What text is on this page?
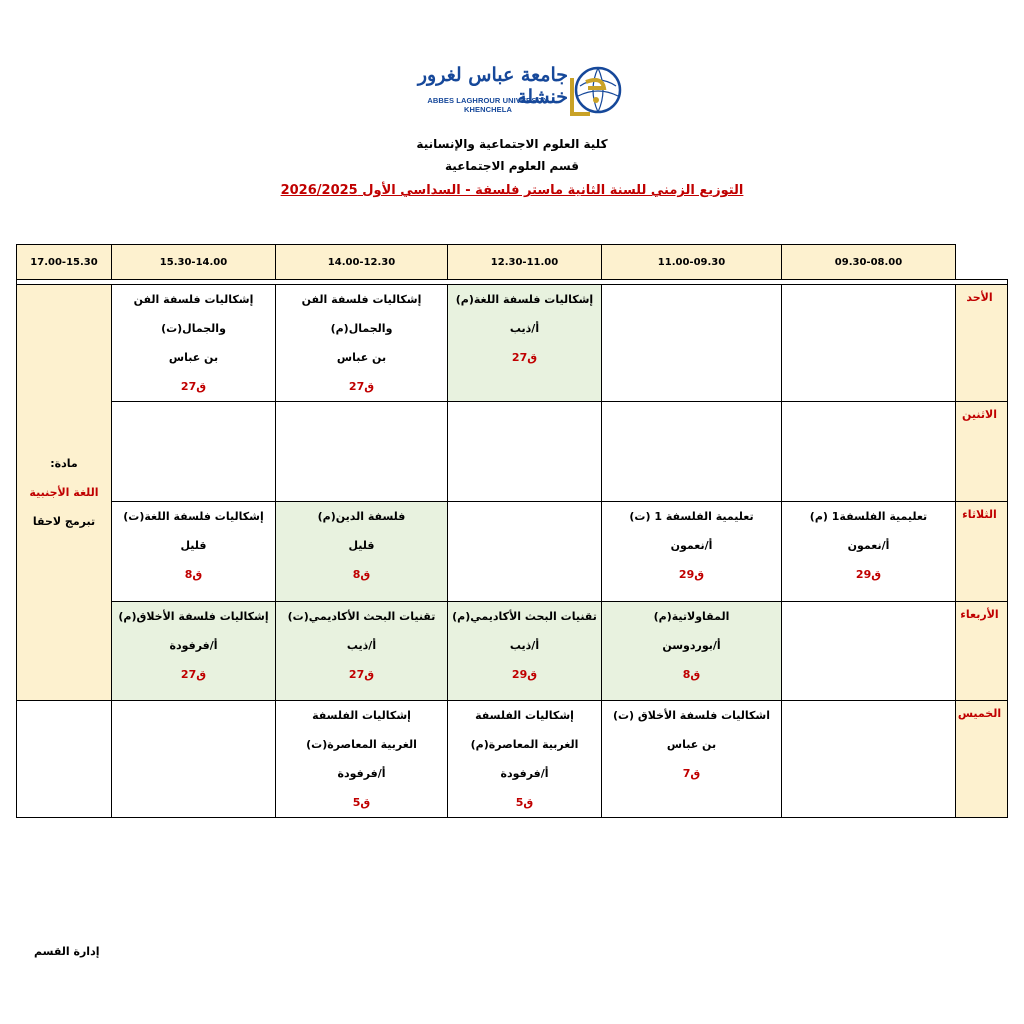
جامعة عباس لغرور خنشلة
ABBES LAGHROUR UNIVERSITY KHENCHELA
كلية العلوم الاجتماعية والإنسانية
قسم العلوم الاجتماعية
التوزيع الزمني للسنة الثانية ماستر فلسفة - السداسي الأول 2026/2025
17.00-15.30	15.30-14.00	14.00-12.30	12.30-11.00	11.00-09.30	09.30-08.00	

مادة:
اللغة الأجنبية
تبرمج لاحقا	إشكاليات فلسفة الفن والجمال(ت)
بن عباس
ق27	إشكاليات فلسفة الفن والجمال(م)
بن عباس
ق27	إشكاليات فلسفة اللغة(م)
أ/ذيب
ق27			الأحد
						الاثنين

	إشكاليات فلسفة اللغة(ت)
قليل
ق8	فلسفة الدين(م)
قليل
ق8		تعليمية الفلسفة 1 (ت)
أ/نعمون
ق29	تعليمية الفلسفة1 (م)
أ/نعمون
ق29	الثلاثاء

	إشكاليات فلسفة الأخلاق(م)
أ/فرفودة
ق27	تقنيات البحث الأكاديمي(ت)
أ/ذيب
ق27	تقنيات البحث الأكاديمي(م)
أ/ذيب
ق29	المقاولاتية(م)
أ/بوردوسن
ق8		الأربعاء

		إشكاليات الفلسفة
الغربية المعاصرة(ت)
أ/فرفودة
ق5	إشكاليات الفلسفة
الغربية المعاصرة(م)
أ/فرفودة
ق5	اشكاليات فلسفة الأخلاق (ت)
بن عباس
ق7		الخميس
إدارة القسم
